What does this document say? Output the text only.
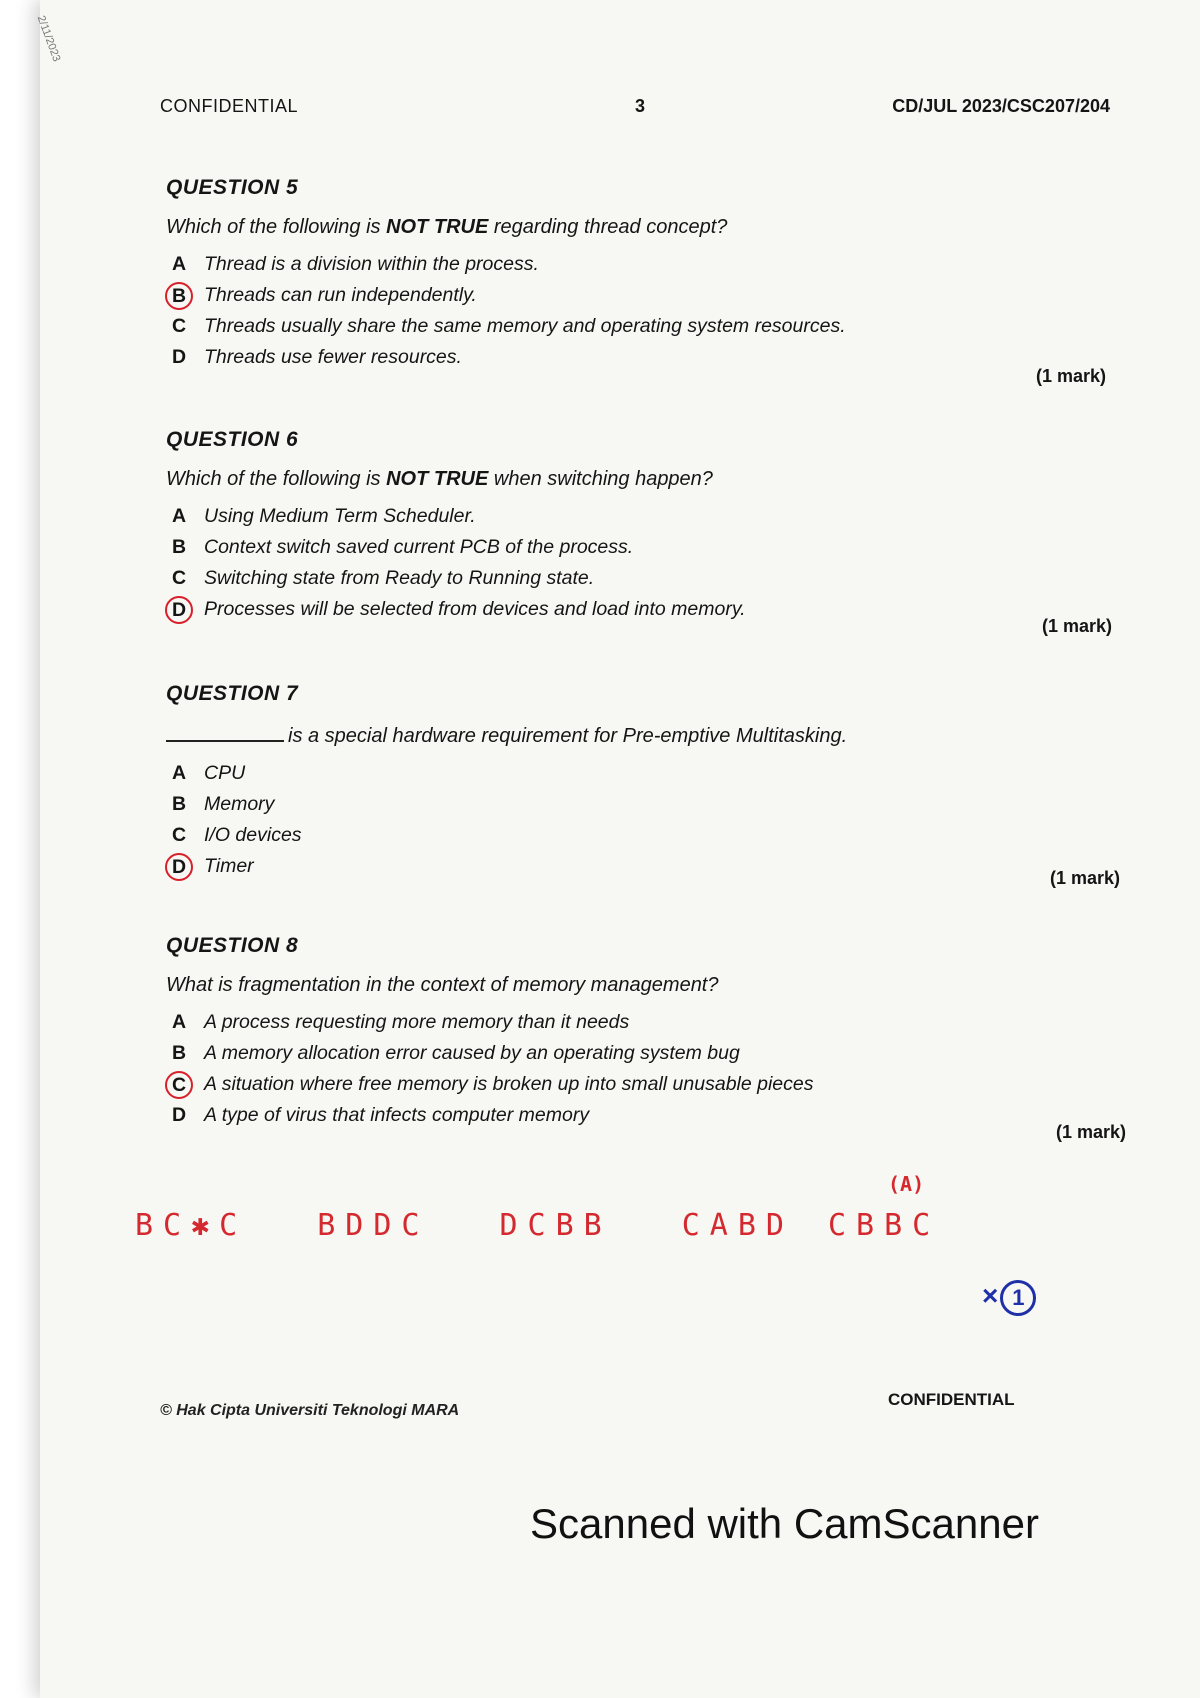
2/11/2023
CONFIDENTIAL	3	CD/JUL 2023/CSC207/204
QUESTION 5
Which of the following is NOT TRUE regarding thread concept?
A Thread is a division within the process.
B Threads can run independently.
C Threads usually share the same memory and operating system resources.
D Threads use fewer resources.
(1 mark)
QUESTION 6
Which of the following is NOT TRUE when switching happen?
A Using Medium Term Scheduler.
B Context switch saved current PCB of the process.
C Switching state from Ready to Running state.
D Processes will be selected from devices and load into memory.
(1 mark)
QUESTION 7
is a special hardware requirement for Pre-emptive Multitasking.
A CPU
B Memory
C I/O devices
D Timer
(1 mark)
QUESTION 8
What is fragmentation in the context of memory management?
A A process requesting more memory than it needs
B A memory allocation error caused by an operating system bug
C A situation where free memory is broken up into small unusable pieces
D A type of virus that infects computer memory
(1 mark)
(A)
BC✱C BDDC DCBB CABD CBBC
× 1
© Hak Cipta Universiti Teknologi MARA
CONFIDENTIAL
Scanned with CamScanner
